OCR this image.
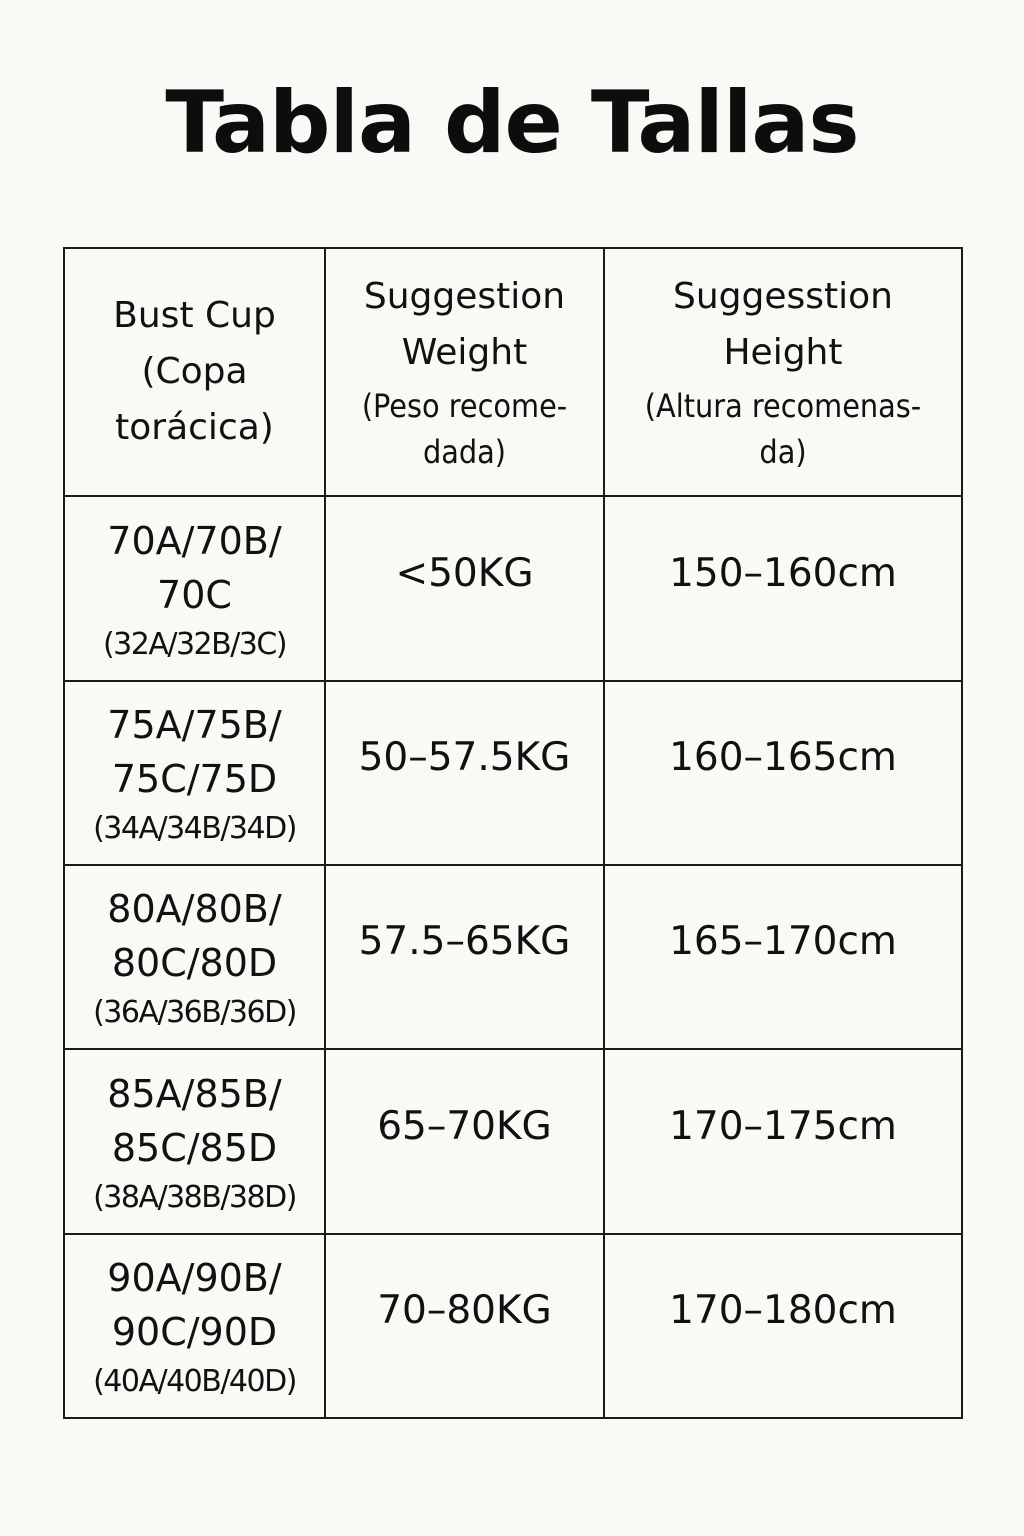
Tabla de Tallas
Bust Cup
(Copa
torácica)	Suggestion
Weight
(Peso recome-
dada)	Suggesstion
Height
(Altura recomenas-
da)

70A/70B/
70C
(32A/32B/3C)	<50KG	150–160cm

75A/75B/
75C/75D
(34A/34B/34D)	50–57.5KG	160–165cm

80A/80B/
80C/80D
(36A/36B/36D)	57.5–65KG	165–170cm

85A/85B/
85C/85D
(38A/38B/38D)	65–70KG	170–175cm

90A/90B/
90C/90D
(40A/40B/40D)	70–80KG	170–180cm
